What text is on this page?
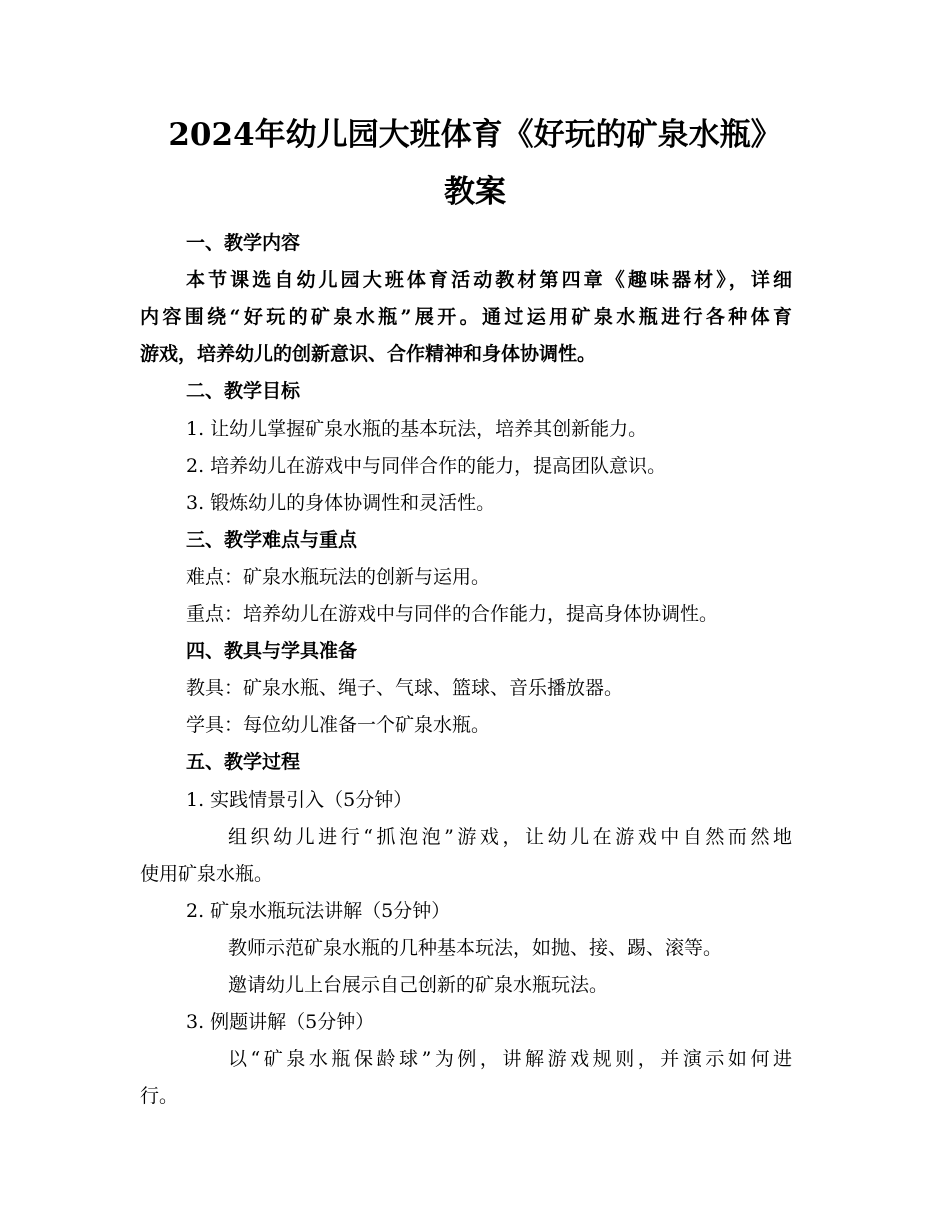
2024年幼儿园大班体育《好玩的矿泉水瓶》
教案
一、教学内容
本节课选自幼儿园大班体育活动教材第四章《趣味器材》，详细
内容围绕“好玩的矿泉水瓶”展开。通过运用矿泉水瓶进行各种体育
游戏，培养幼儿的创新意识、合作精神和身体协调性。
二、教学目标
1. 让幼儿掌握矿泉水瓶的基本玩法，培养其创新能力。
2. 培养幼儿在游戏中与同伴合作的能力，提高团队意识。
3. 锻炼幼儿的身体协调性和灵活性。
三、教学难点与重点
难点：矿泉水瓶玩法的创新与运用。
重点：培养幼儿在游戏中与同伴的合作能力，提高身体协调性。
四、教具与学具准备
教具：矿泉水瓶、绳子、气球、篮球、音乐播放器。
学具：每位幼儿准备一个矿泉水瓶。
五、教学过程
1. 实践情景引入（5分钟）
组织幼儿进行“抓泡泡”游戏，让幼儿在游戏中自然而然地
使用矿泉水瓶。
2. 矿泉水瓶玩法讲解（5分钟）
教师示范矿泉水瓶的几种基本玩法，如抛、接、踢、滚等。
邀请幼儿上台展示自己创新的矿泉水瓶玩法。
3. 例题讲解（5分钟）
以“矿泉水瓶保龄球”为例，讲解游戏规则，并演示如何进
行。
